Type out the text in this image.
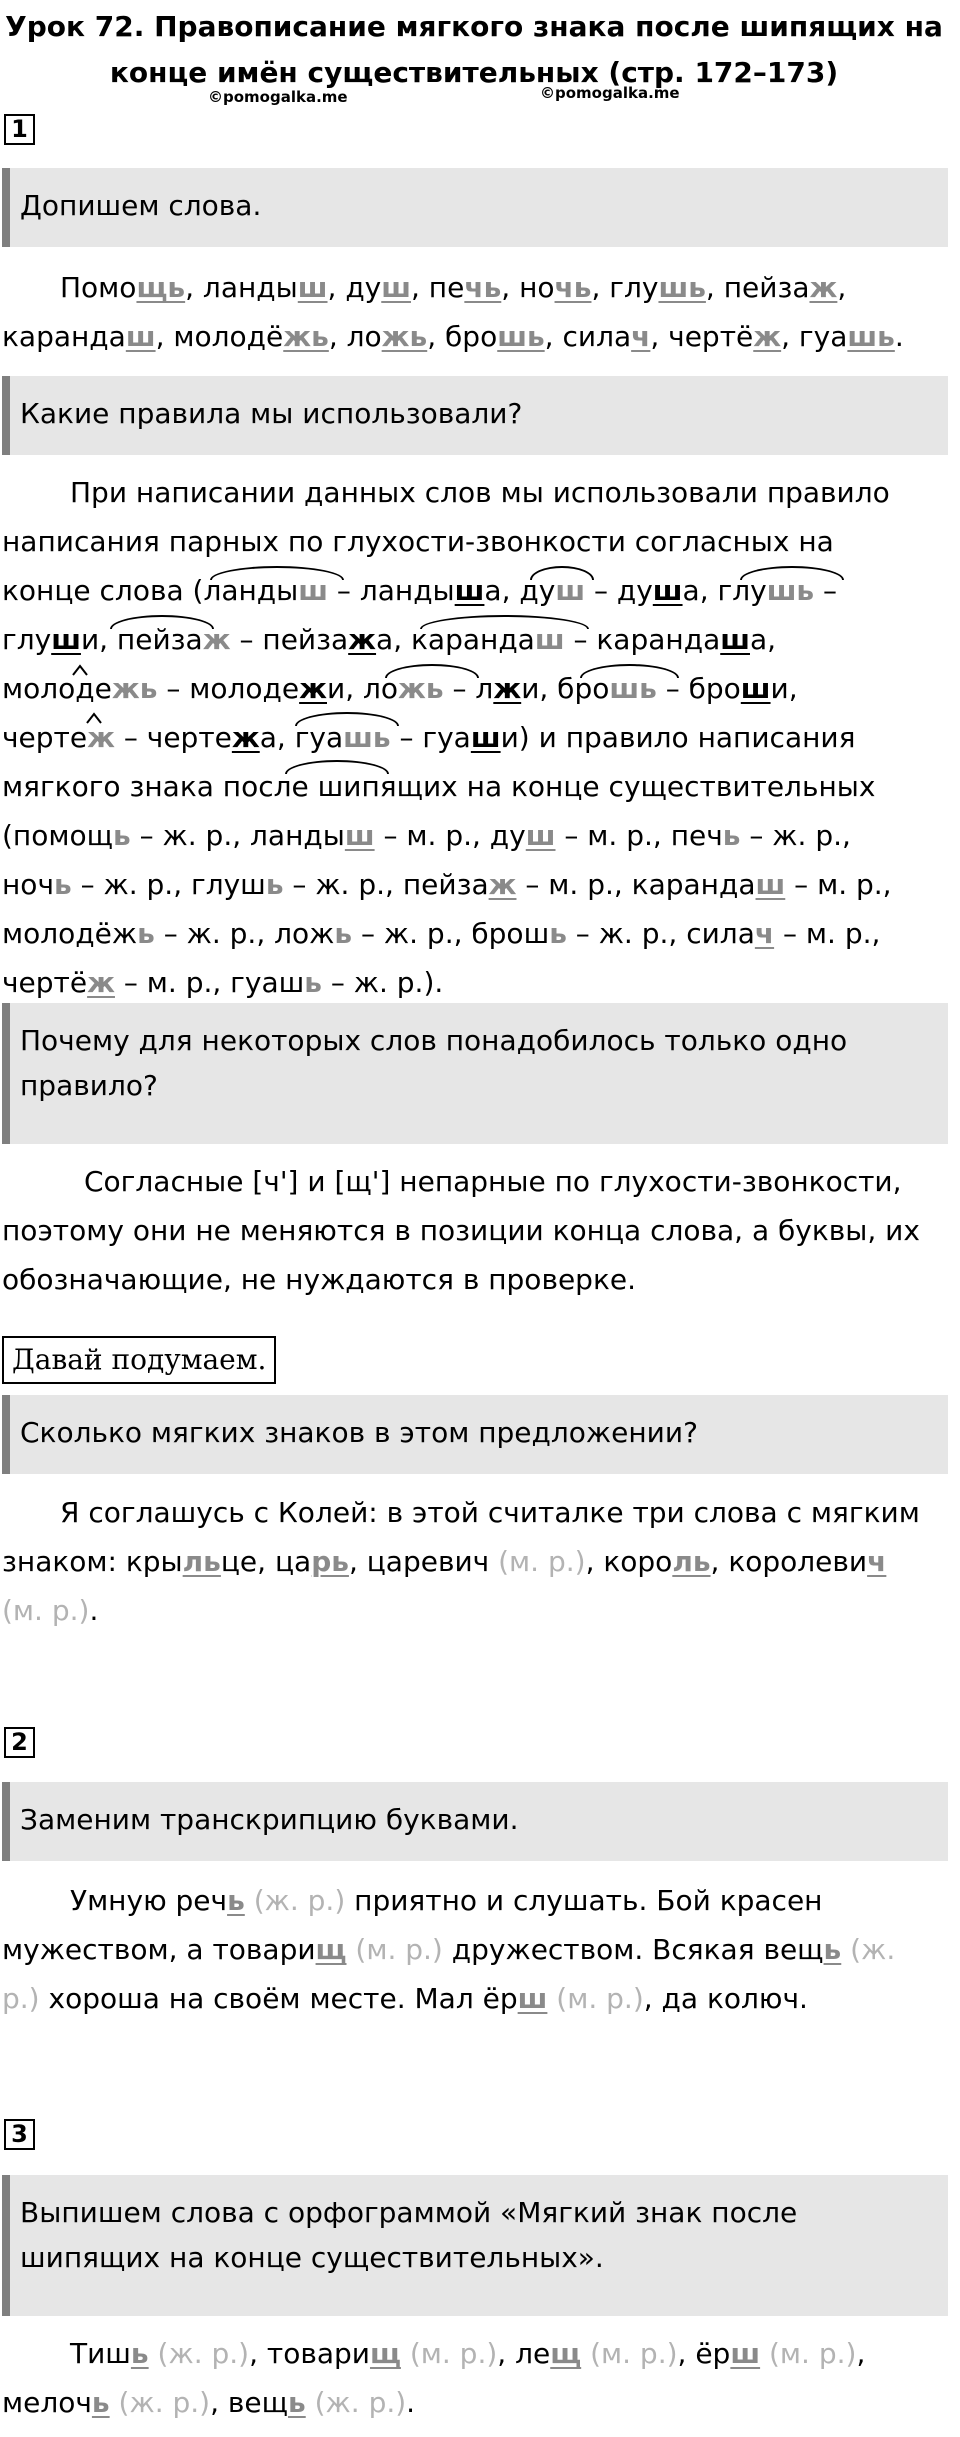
Урок 72. Правописание мягкого знака после шипящих на
конце имён существительных (стр. 172–173)
©pomogalka.me	©pomogalka.me
1
Допишем слова.
Помощь, ландыш, душ, печь, ночь, глушь, пейзаж,
карандаш, молодёжь, ложь, брошь, силач, чертёж, гуашь.
Какие правила мы использовали?
При написании данных слов мы использовали правило
написания парных по глухости-звонкости согласных на
конце слова (ландыш – ландыша, душ – душа, глушь –
глуши, пейзаж – пейзажа, карандаш – карандаша,
молодежь – молодежи, ложь – лжи, брошь – броши,
чертеж – чертежа, гуашь – гуаши) и правило написания
мягкого знака после шипящих на конце существительных
(помощь – ж. р., ландыш – м. р., душ – м. р., печь – ж. р.,
ночь – ж. р., глушь – ж. р., пейзаж – м. р., карандаш – м. р.,
молодёжь – ж. р., ложь – ж. р., брошь – ж. р., силач – м. р.,
чертёж – м. р., гуашь – ж. р.).
Почему для некоторых слов понадобилось только одно правило?
Согласные [ч'] и [щ'] непарные по глухости-звонкости, поэтому они не меняются в позиции конца слова, а буквы, их обозначающие, не нуждаются в проверке.
Давай подумаем.
Сколько мягких знаков в этом предложении?
Я соглашусь с Колей: в этой считалке три слова с мягким знаком: крыльце, царь, царевич (м. р.), король, королевич
(м. р.).
2
Заменим транскрипцию буквами.
Умную речь (ж. р.) приятно и слушать. Бой красен
мужеством, а товарищ (м. р.) дружеством. Всякая вещь (ж.
р.) хороша на своём месте. Мал ёрш (м. р.), да колюч.
3
Выпишем слова с орфограммой «Мягкий знак после шипящих на конце существительных».
Тишь (ж. р.), товарищ (м. р.), лещ (м. р.), ёрш (м. р.),
мелочь (ж. р.), вещь (ж. р.).
